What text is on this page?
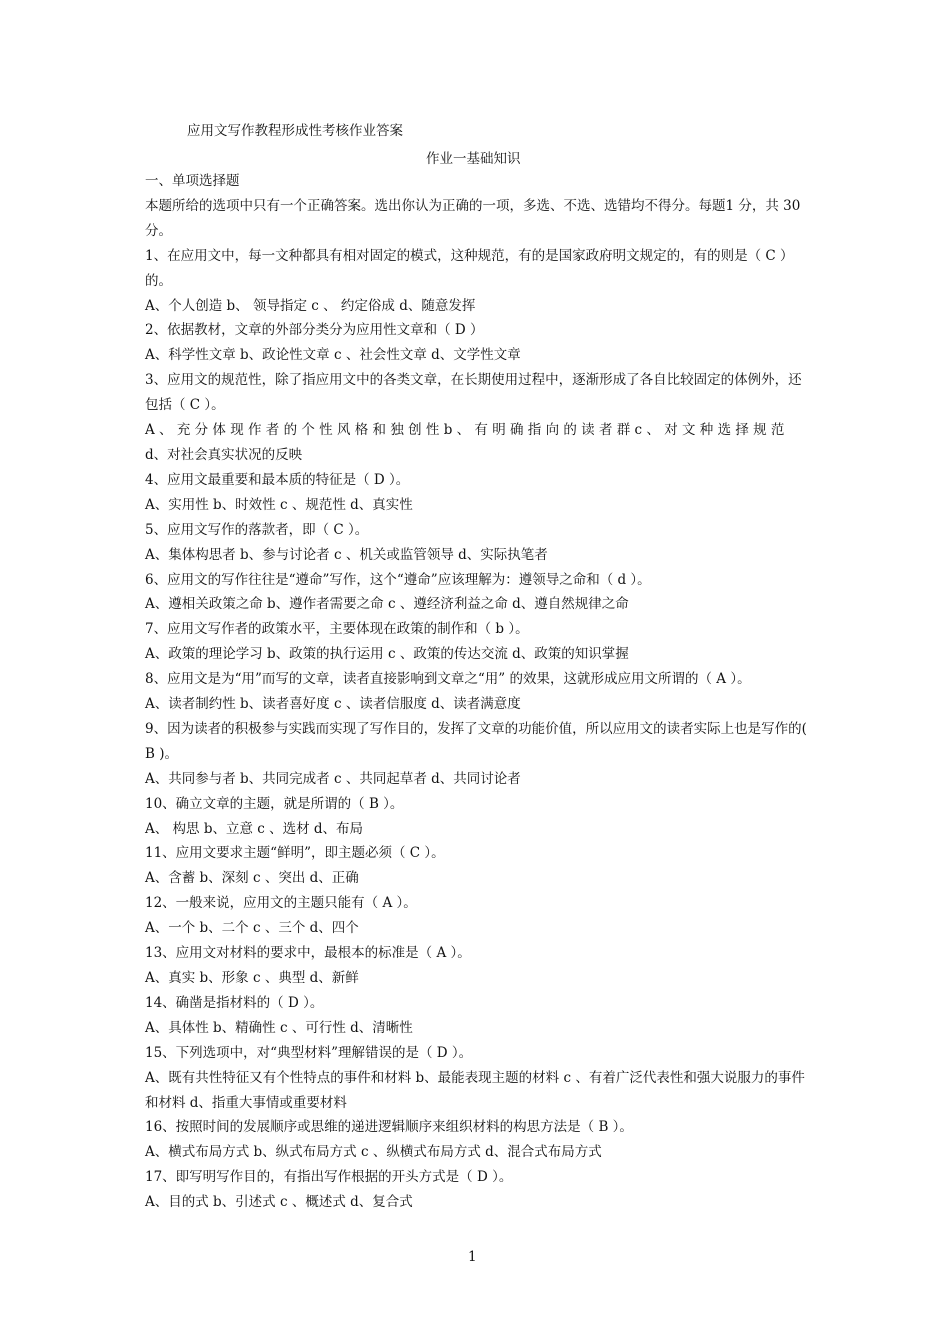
应用文写作教程形成性考核作业答案
作业一基础知识

一、单项选择题

本题所给的选项中只有一个正确答案。选出你认为正确的一项，多选、不选、选错均不得分。每题1 分，共 30 分。

1、在应用文中，每一文种都具有相对固定的模式，这种规范，有的是国家政府明文规定的，有的则是（ C ）的。

A、个人创造 b、 领导指定 c 、 约定俗成 d、随意发挥

2、依据教材，文章的外部分类分为应用性文章和（ D ）

A、科学性文章 b、政论性文章 c 、社会性文章 d、文学性文章

3、应用文的规范性，除了指应用文中的各类文章，在长期使用过程中，逐渐形成了各自比较固定的体例外，还包括（ C ）。

A 、 充 分 体 现 作 者 的 个 性 风 格 和 独 创 性 b 、 有 明 确 指 向 的 读 者 群 c 、 对 文 种 选 择 规 范 d、对社会真实状况的反映

4、应用文最重要和最本质的特征是（ D ）。

A、实用性 b、时效性 c 、规范性 d、真实性

5、应用文写作的落款者，即（ C ）。

A、集体构思者 b、参与讨论者 c 、机关或监管领导 d、实际执笔者

6、应用文的写作往往是“遵命”写作，这个“遵命”应该理解为：遵领导之命和（ d ）。

A、遵相关政策之命 b、遵作者需要之命 c 、遵经济利益之命 d、遵自然规律之命

7、应用文写作者的政策水平，主要体现在政策的制作和（ b ）。

A、政策的理论学习 b、政策的执行运用 c 、政策的传达交流 d、政策的知识掌握

8、应用文是为“用”而写的文章，读者直接影响到文章之“用” 的效果，这就形成应用文所谓的（ A ）。

A、读者制约性 b、读者喜好度 c 、读者信服度 d、读者满意度

9、因为读者的积极参与实践而实现了写作目的，发挥了文章的功能价值，所以应用文的读者实际上也是写作的( B )。

A、共同参与者 b、共同完成者 c 、共同起草者 d、共同讨论者

10、确立文章的主题，就是所谓的（ B ）。

A、 构思 b、立意 c 、选材 d、布局

11、应用文要求主题“鲜明”，即主题必须（ C ）。

A、含蓄 b、深刻 c 、突出 d、正确

12、一般来说，应用文的主题只能有（ A ）。

A、一个 b、二个 c 、三个 d、四个

13、应用文对材料的要求中，最根本的标准是（ A ）。

A、真实 b、形象 c 、典型 d、新鲜

14、确凿是指材料的（ D ）。

A、具体性 b、精确性 c 、可行性 d、清晰性

15、下列选项中，对“典型材料”理解错误的是（ D ）。

A、既有共性特征又有个性特点的事件和材料 b、最能表现主题的材料 c 、有着广泛代表性和强大说服力的事件和材料 d、指重大事情或重要材料

16、按照时间的发展顺序或思维的递进逻辑顺序来组织材料的构思方法是（ B ）。

A、横式布局方式 b、纵式布局方式 c 、纵横式布局方式 d、混合式布局方式

17、即写明写作目的，有指出写作根据的开头方式是（ D ）。

A、目的式 b、引述式 c 、概述式 d、复合式

1
